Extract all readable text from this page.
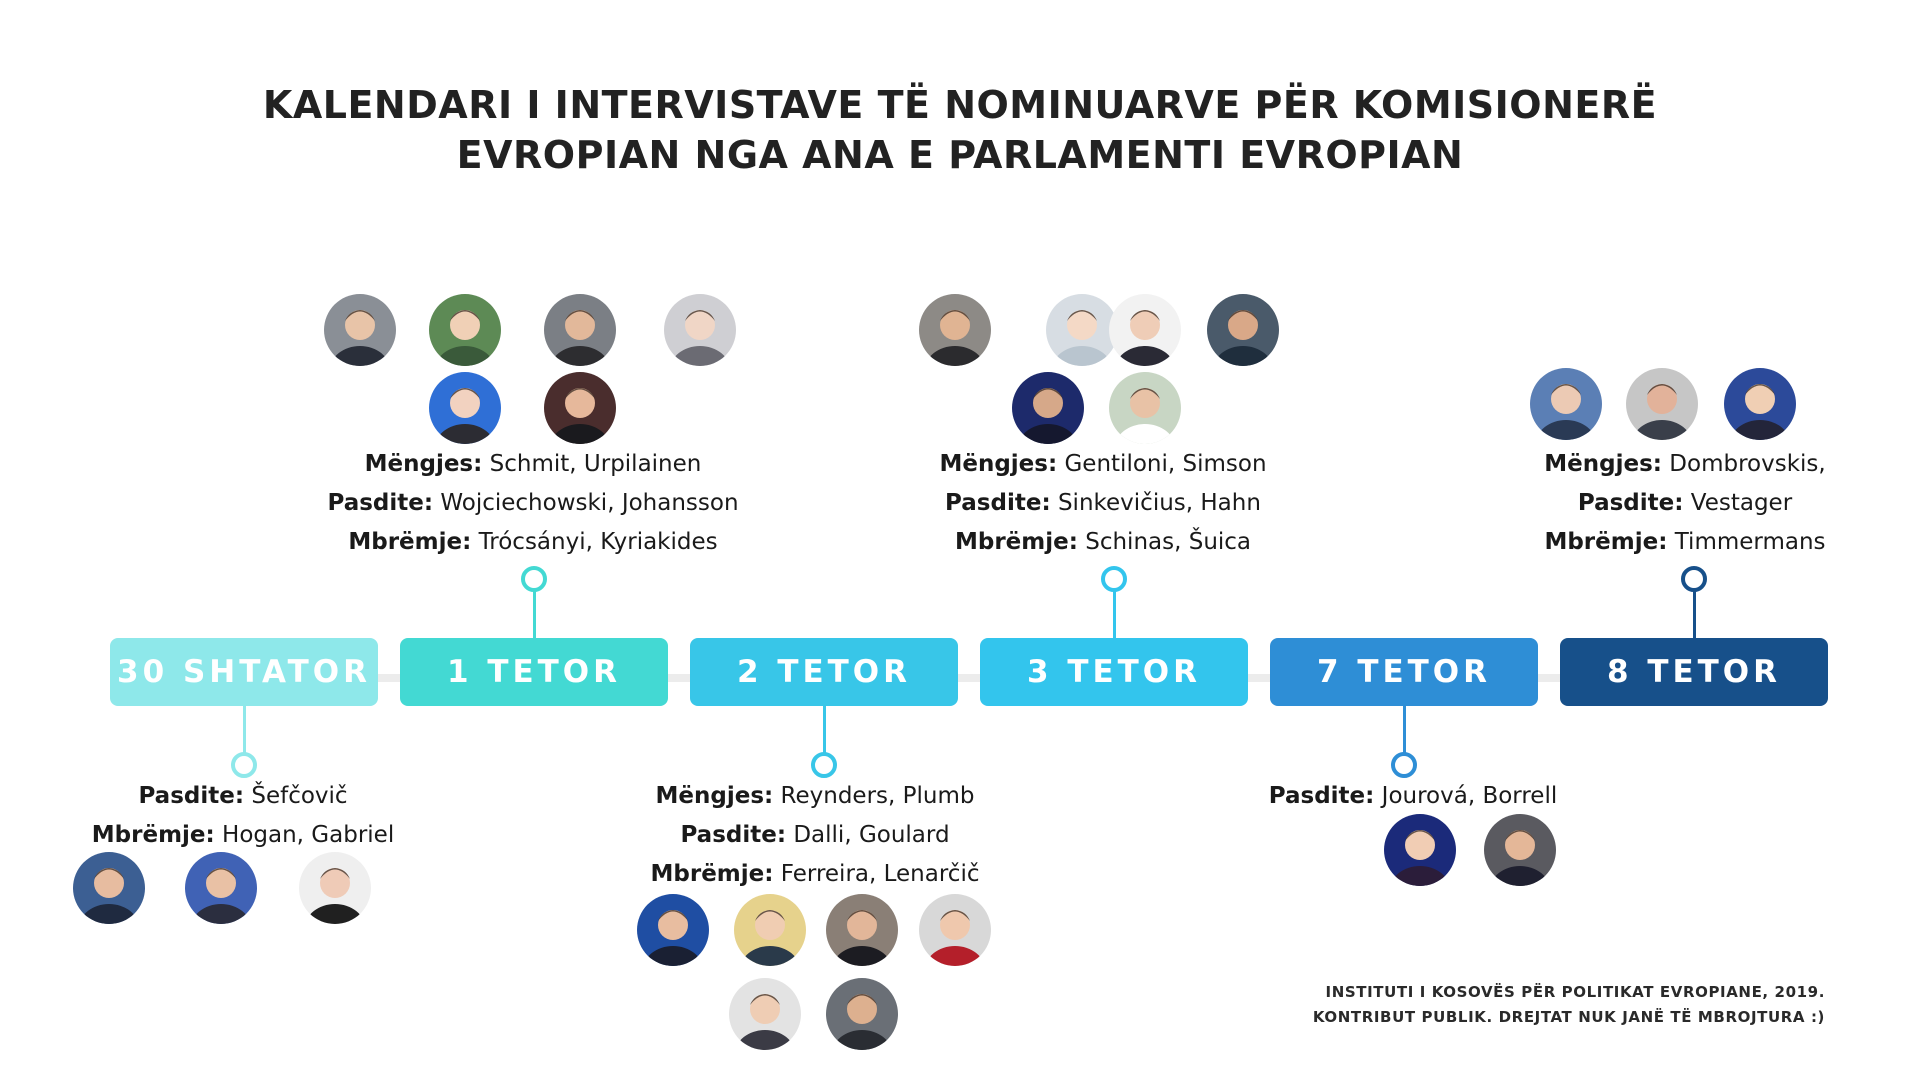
KALENDARI I INTERVISTAVE TË NOMINUARVE PËR KOMISIONERË
EVROPIAN NGA ANA E PARLAMENTI EVROPIAN
30 SHTATOR	1 TETOR	2 TETOR	3 TETOR	7 TETOR	8 TETOR
Pasdite: Šefčovič
Mbrëmje: Hogan, Gabriel
Mëngjes: Schmit, Urpilainen
Pasdite: Wojciechowski, Johansson
Mbrëmje: Trócsányi, Kyriakides
Mëngjes: Reynders, Plumb
Pasdite: Dalli, Goulard
Mbrëmje: Ferreira, Lenarčič
Mëngjes: Gentiloni, Simson
Pasdite: Sinkevičius, Hahn
Mbrëmje: Schinas, Šuica
Pasdite: Jourová, Borrell
Mëngjes: Dombrovskis,
Pasdite: Vestager
Mbrëmje: Timmermans
INSTITUTI I KOSOVËS PËR POLITIKAT EVROPIANE, 2019.
KONTRIBUT PUBLIK. DREJTAT NUK JANË TË MBROJTURA :)
